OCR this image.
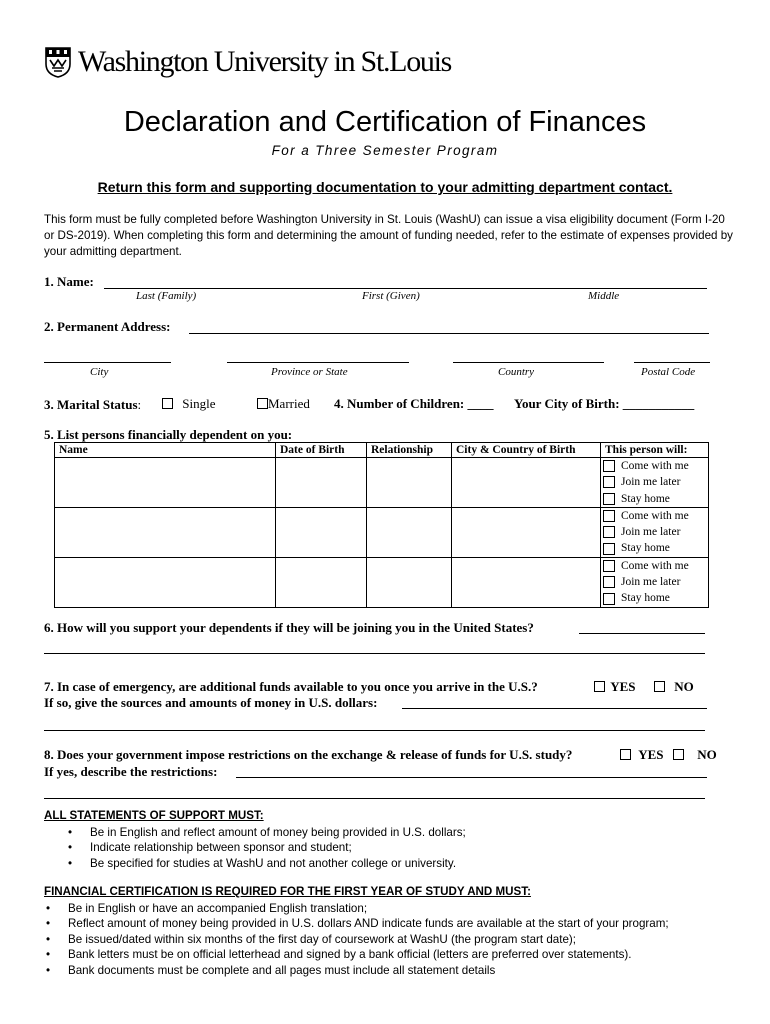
Washington University in St.Louis
Declaration and Certification of Finances
For a Three Semester Program
Return this form and supporting documentation to your admitting department contact.
This form must be fully completed before Washington University in St. Louis (WashU) can issue a visa eligibility document (Form I-20 or DS-2019). When completing this form and determining the amount of funding needed, refer to the estimate of expenses provided by your admitting department.
1. Name:
Last (Family)	First (Given)	Middle
2. Permanent Address:
City	Province or State	Country	Postal Code
3. Marital Status:	Single	Married 4. Number of Children: ____ Your City of Birth: ___________
5. List persons financially dependent on you:
Name	Date of Birth	Relationship	City & Country of Birth	This person will:

				Come with me
Join me later
Stay home

				Come with me
Join me later
Stay home

				Come with me
Join me later
Stay home
6. How will you support your dependents if they will be joining you in the United States?
7. In case of emergency, are additional funds available to you once you arrive in the U.S.?	YES	NO
If so, give the sources and amounts of money in U.S. dollars:
8. Does your government impose restrictions on the exchange & release of funds for U.S. study?	YES	NO
If yes, describe the restrictions:
ALL STATEMENTS OF SUPPORT MUST:
• Be in English and reflect amount of money being provided in U.S. dollars;
• Indicate relationship between sponsor and student;
• Be specified for studies at WashU and not another college or university.
FINANCIAL CERTIFICATION IS REQUIRED FOR THE FIRST YEAR OF STUDY AND MUST:
• Be in English or have an accompanied English translation;
• Reflect amount of money being provided in U.S. dollars AND indicate funds are available at the start of your program;
• Be issued/dated within six months of the first day of coursework at WashU (the program start date);
• Bank letters must be on official letterhead and signed by a bank official (letters are preferred over statements).
• Bank documents must be complete and all pages must include all statement details
